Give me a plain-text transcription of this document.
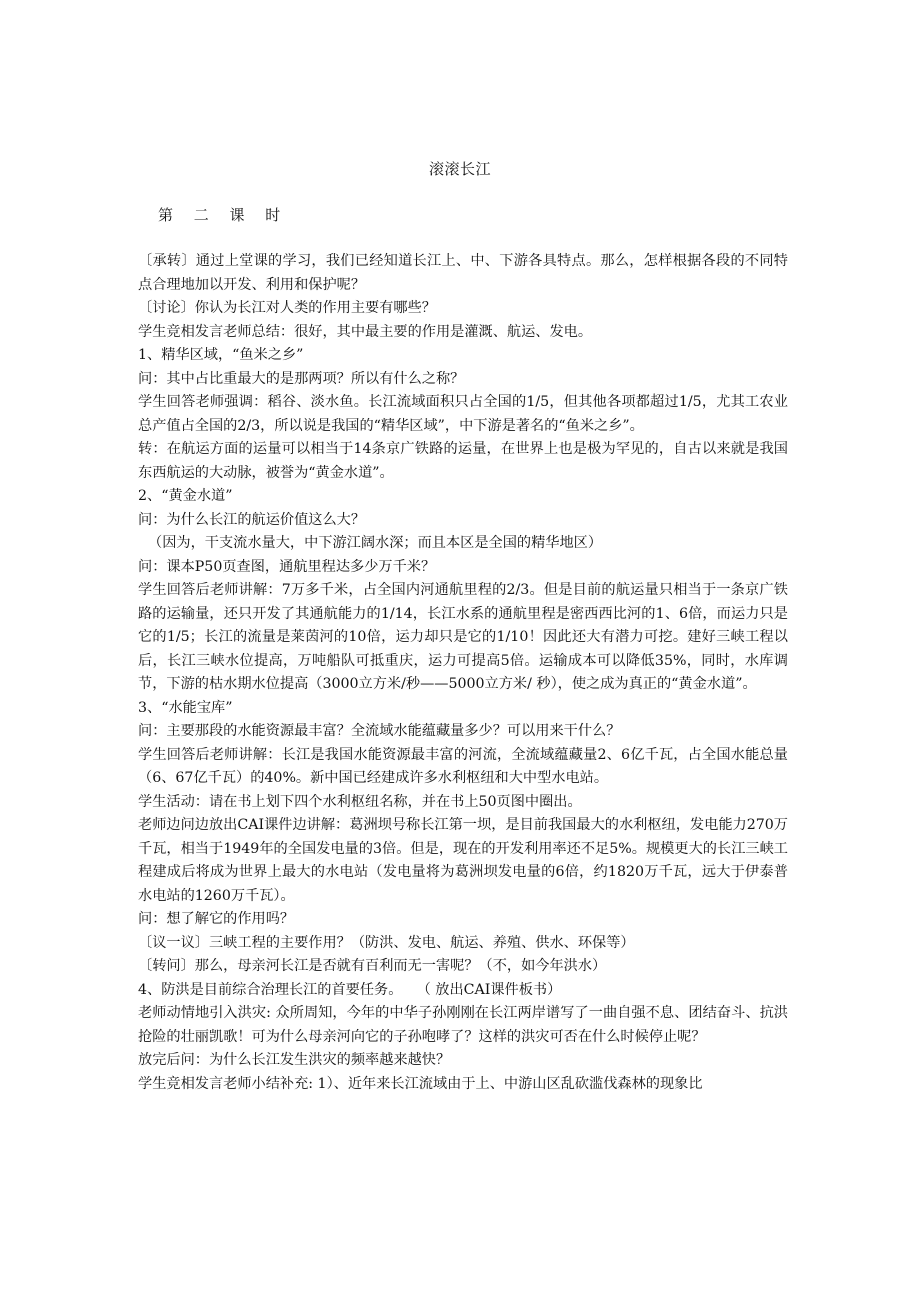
滚滚长江
第 二 课 时

〔承转〕通过上堂课的学习，我们已经知道长江上、中、下游各具特点。那么，怎样根据各段的不同特点合理地加以开发、利用和保护呢？

〔讨论〕你认为长江对人类的作用主要有哪些？

学生竞相发言老师总结：很好，其中最主要的作用是灌溉、航运、发电。

1、精华区域，“鱼米之乡”

问：其中占比重最大的是那两项？所以有什么之称？

学生回答老师强调：稻谷、淡水鱼。长江流域面积只占全国的1/5，但其他各项都超过1/5，尤其工农业总产值占全国的2/3，所以说是我国的“精华区域”，中下游是著名的“鱼米之乡”。

转：在航运方面的运量可以相当于14条京广铁路的运量，在世界上也是极为罕见的，自古以来就是我国东西航运的大动脉，被誉为“黄金水道”。

2、“黄金水道”

问：为什么长江的航运价值这么大？

（因为，干支流水量大，中下游江阔水深；而且本区是全国的精华地区）

问：课本P50页查图，通航里程达多少万千米？

学生回答后老师讲解：7万多千米，占全国内河通航里程的2/3。但是目前的航运量只相当于一条京广铁路的运输量，还只开发了其通航能力的1/14，长江水系的通航里程是密西西比河的1、6倍，而运力只是它的1/5；长江的流量是莱茵河的10倍，运力却只是它的1/10！因此还大有潜力可挖。建好三峡工程以后，长江三峡水位提高，万吨船队可抵重庆，运力可提高5倍。运输成本可以降低35%，同时，水库调节，下游的枯水期水位提高（3000立方米/秒——5000立方米/ 秒），使之成为真正的“黄金水道”。

3、“水能宝库”

问：主要那段的水能资源最丰富？全流域水能蕴藏量多少？可以用来干什么？

学生回答后老师讲解：长江是我国水能资源最丰富的河流，全流域蕴藏量2、6亿千瓦，占全国水能总量（6、67亿千瓦）的40%。新中国已经建成许多水利枢纽和大中型水电站。

学生活动：请在书上划下四个水利枢纽名称，并在书上50页图中圈出。

老师边问边放出CAI课件边讲解：葛洲坝号称长江第一坝，是目前我国最大的水利枢纽，发电能力270万千瓦，相当于1949年的全国发电量的3倍。但是，现在的开发利用率还不足5%。规模更大的长江三峡工程建成后将成为世界上最大的水电站（发电量将为葛洲坝发电量的6倍，约1820万千瓦，远大于伊泰普水电站的1260万千瓦）。

问：想了解它的作用吗？

〔议一议〕三峡工程的主要作用？（防洪、发电、航运、养殖、供水、环保等）

〔转问〕那么，母亲河长江是否就有百利而无一害呢？（不，如今年洪水）

4、防洪是目前综合治理长江的首要任务。　　（ 放出CAI课件板书）

老师动情地引入洪灾: 众所周知，今年的中华子孙刚刚在长江两岸谱写了一曲自强不息、团结奋斗、抗洪抢险的壮丽凯歌！可为什么母亲河向它的子孙咆哮了？这样的洪灾可否在什么时候停止呢？

放完后问：为什么长江发生洪灾的频率越来越快？

学生竞相发言老师小结补充: 1）、近年来长江流域由于上、中游山区乱砍滥伐森林的现象比
